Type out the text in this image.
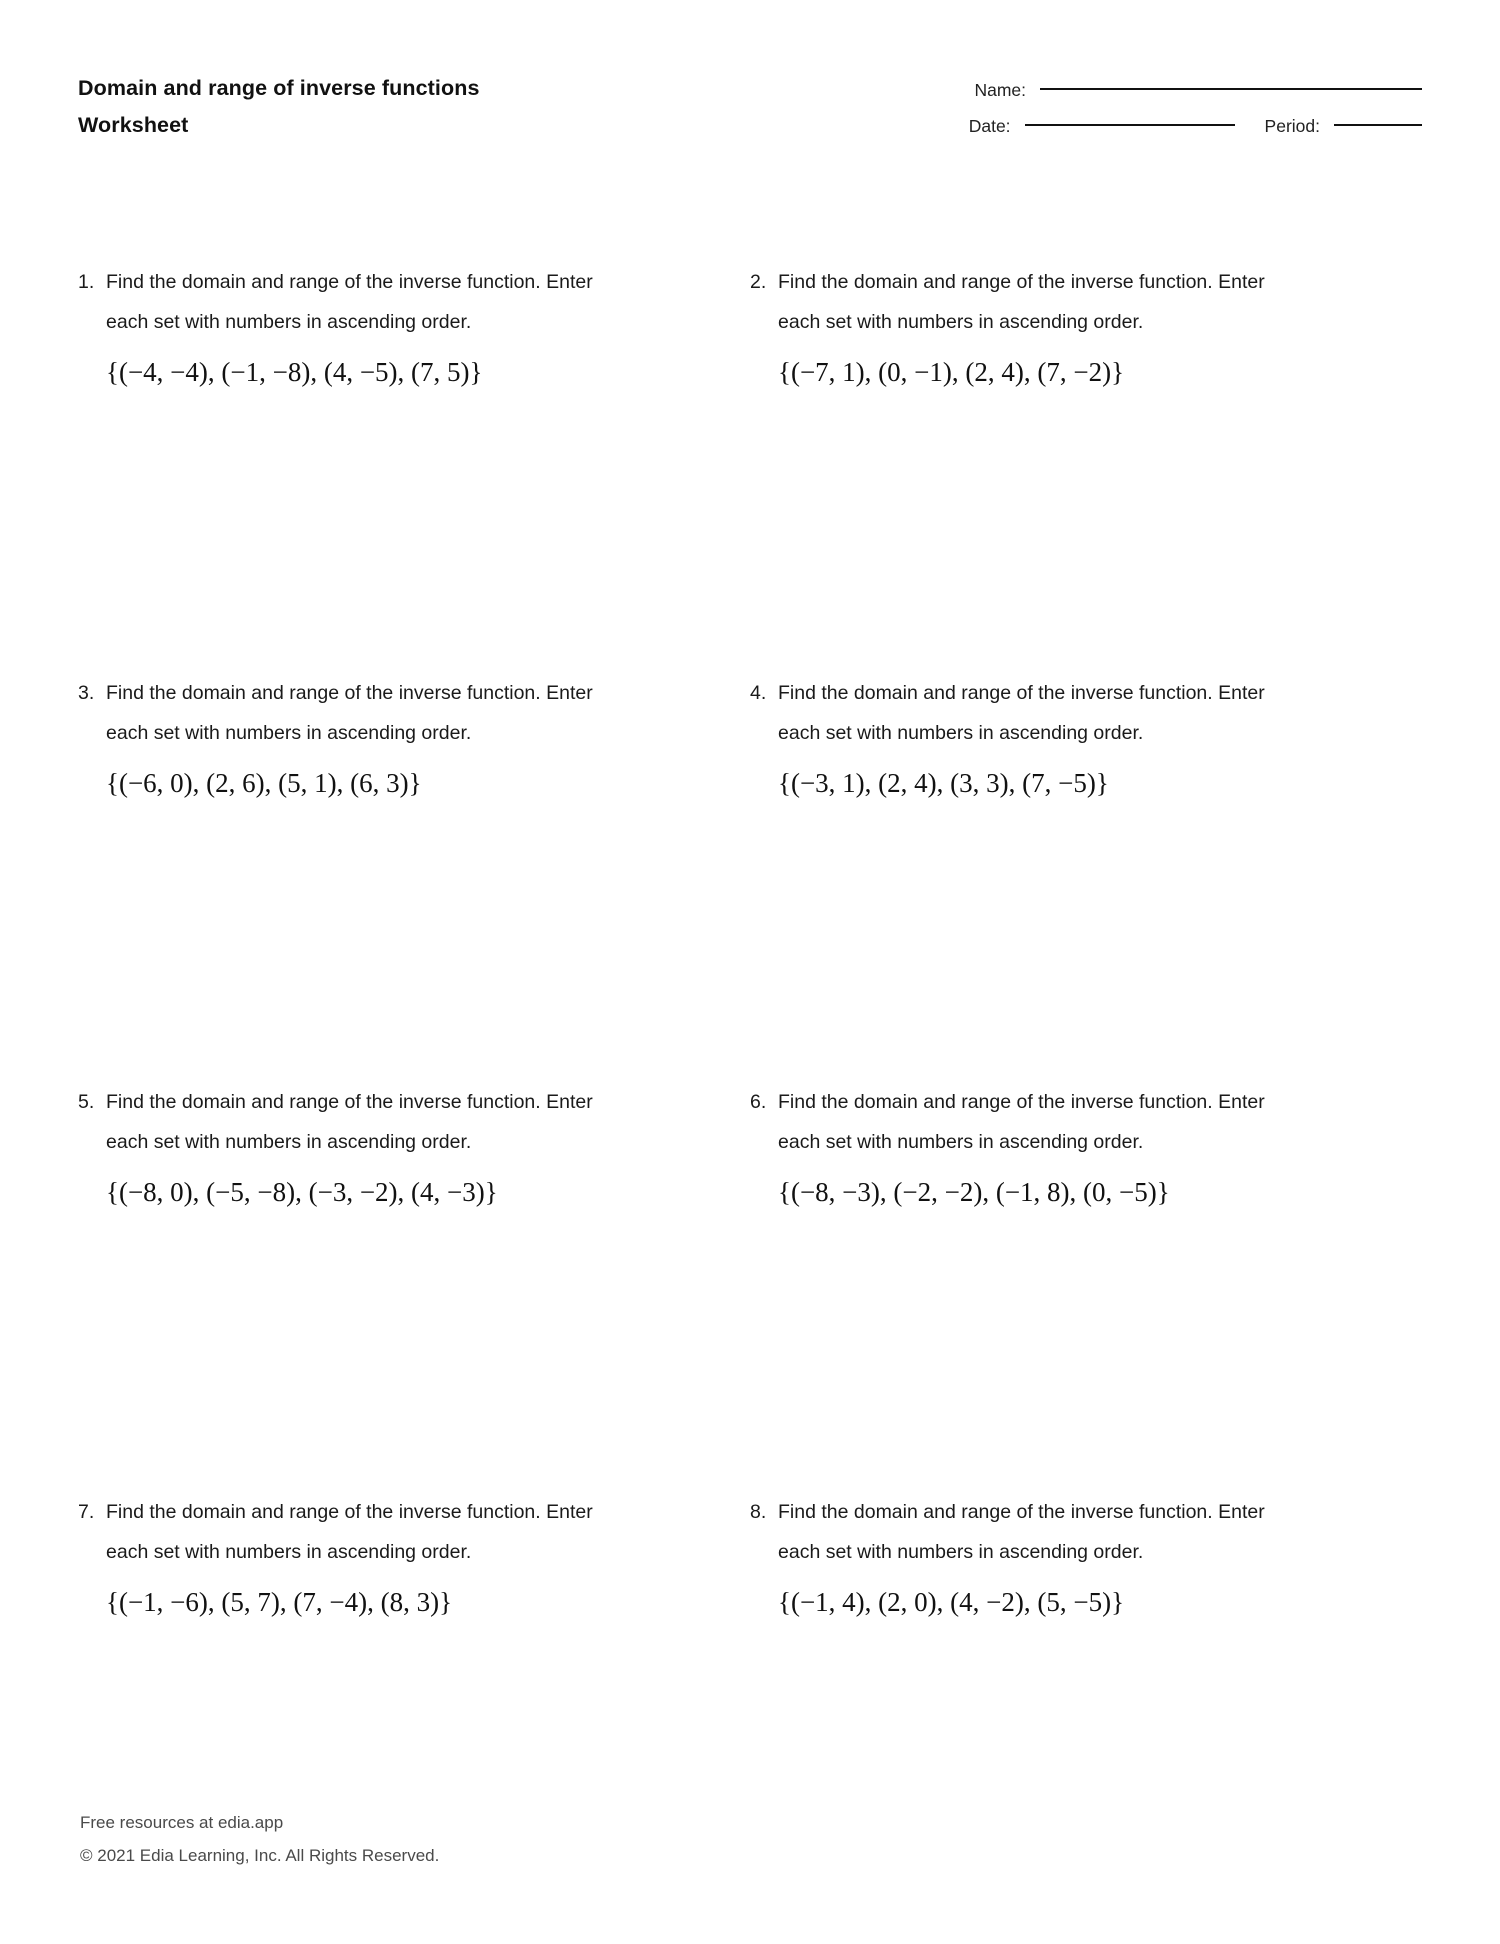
Domain and range of inverse functions
Worksheet
Name:
Date:	Period:
1. Find the domain and range of the inverse function. Enter each set with numbers in ascending order.
{(−4, −4), (−1, −8), (4, −5), (7, 5)}
2. Find the domain and range of the inverse function. Enter each set with numbers in ascending order.
{(−7, 1), (0, −1), (2, 4), (7, −2)}
3. Find the domain and range of the inverse function. Enter each set with numbers in ascending order.
{(−6, 0), (2, 6), (5, 1), (6, 3)}
4. Find the domain and range of the inverse function. Enter each set with numbers in ascending order.
{(−3, 1), (2, 4), (3, 3), (7, −5)}
5. Find the domain and range of the inverse function. Enter each set with numbers in ascending order.
{(−8, 0), (−5, −8), (−3, −2), (4, −3)}
6. Find the domain and range of the inverse function. Enter each set with numbers in ascending order.
{(−8, −3), (−2, −2), (−1, 8), (0, −5)}
7. Find the domain and range of the inverse function. Enter each set with numbers in ascending order.
{(−1, −6), (5, 7), (7, −4), (8, 3)}
8. Find the domain and range of the inverse function. Enter each set with numbers in ascending order.
{(−1, 4), (2, 0), (4, −2), (5, −5)}
Free resources at edia.app
© 2021 Edia Learning, Inc. All Rights Reserved.
